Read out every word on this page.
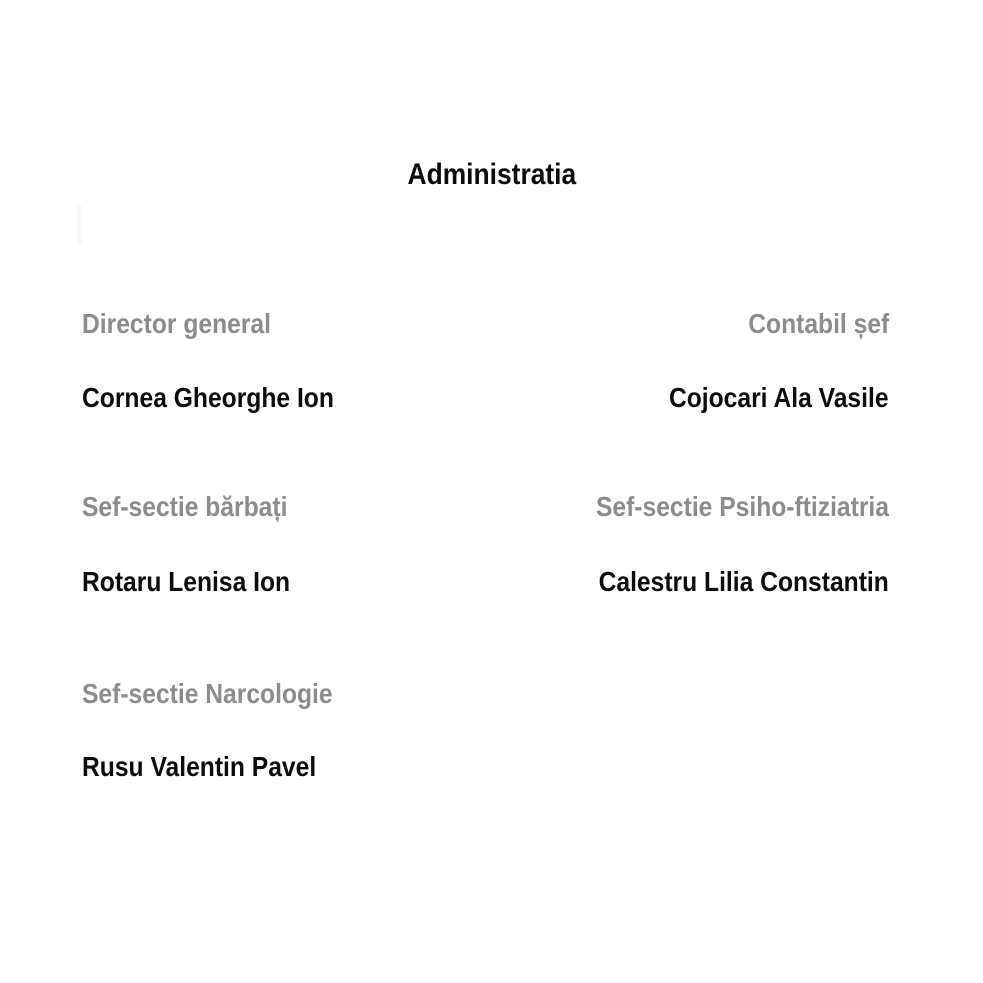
Administratia
Director general	Contabil șef
Cornea Gheorghe Ion	Cojocari Ala Vasile
Sef-sectie bărbați	Sef-sectie Psiho-ftiziatria
Rotaru Lenisa Ion	Calestru Lilia Constantin
Sef-sectie Narcologie
Rusu Valentin Pavel
